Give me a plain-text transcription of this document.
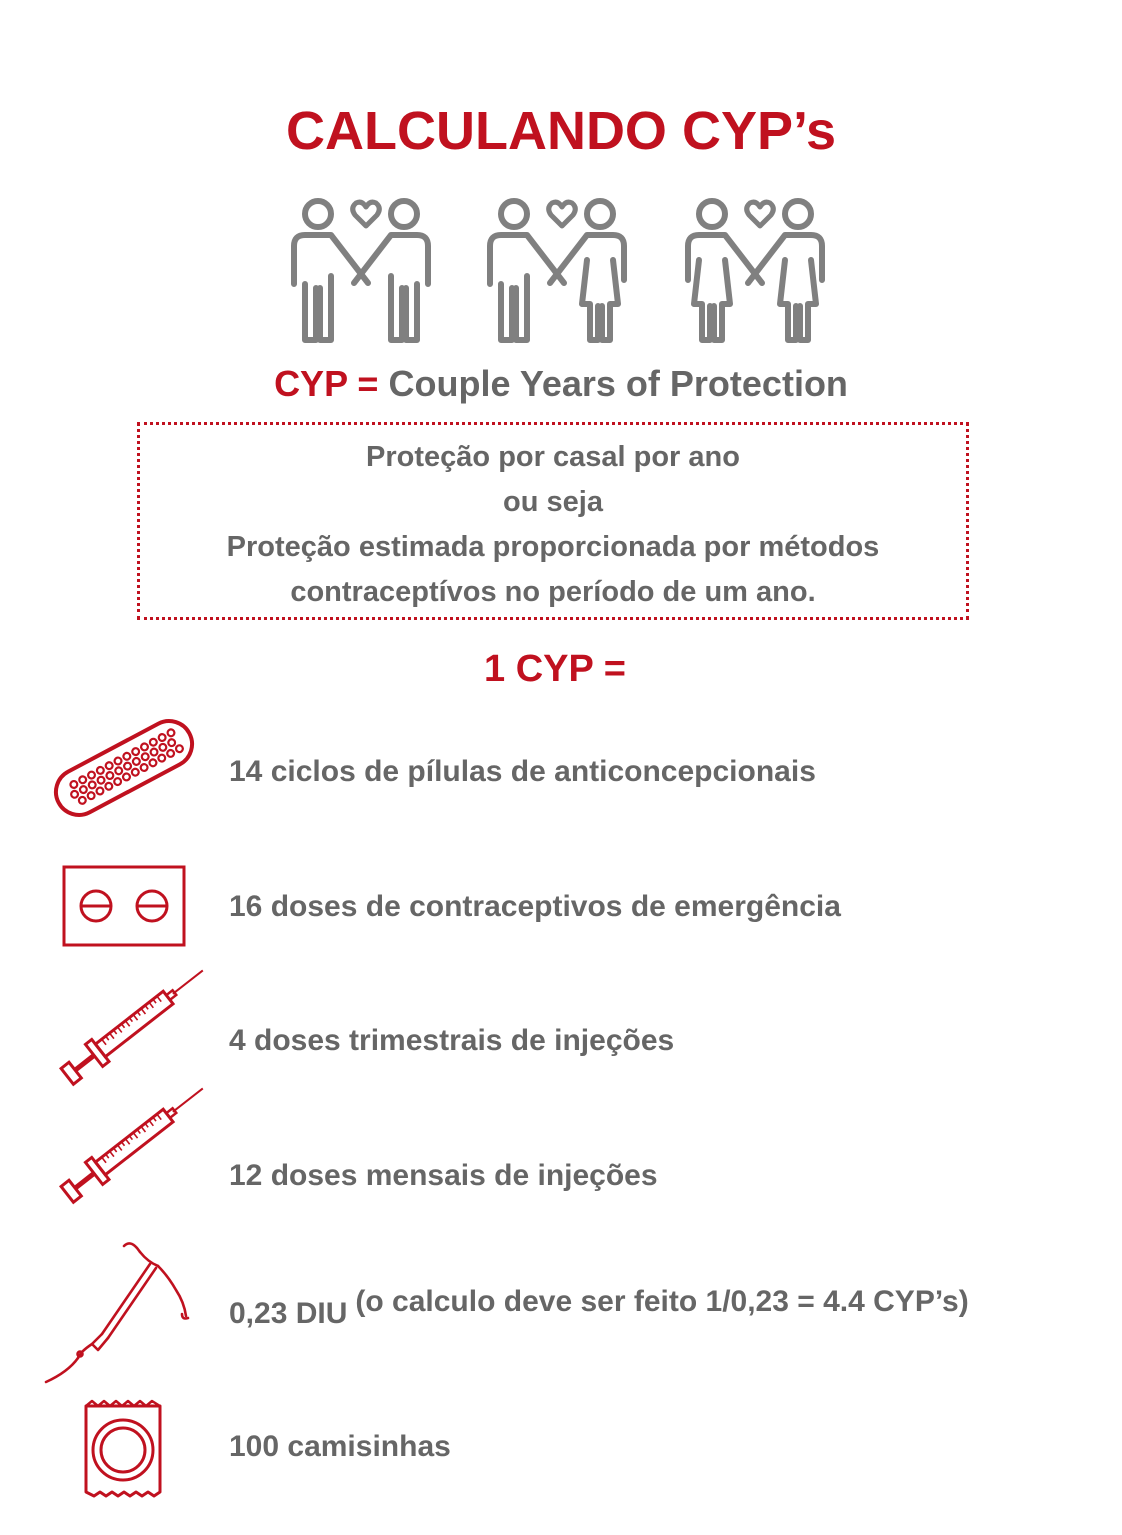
CALCULANDO CYP’s
CYP = Couple Years of Protection
Proteção por casal por ano
ou seja
Proteção estimada proporcionada por métodos
contraceptívos no período de um ano.
1 CYP =
14 ciclos de pílulas de anticoncepcionais
16 doses de contraceptivos de emergência
4 doses trimestrais de injeções
12 doses mensais de injeções
0,23 DIU (o calculo deve ser feito 1/0,23 = 4.4 CYP’s)
100 camisinhas
